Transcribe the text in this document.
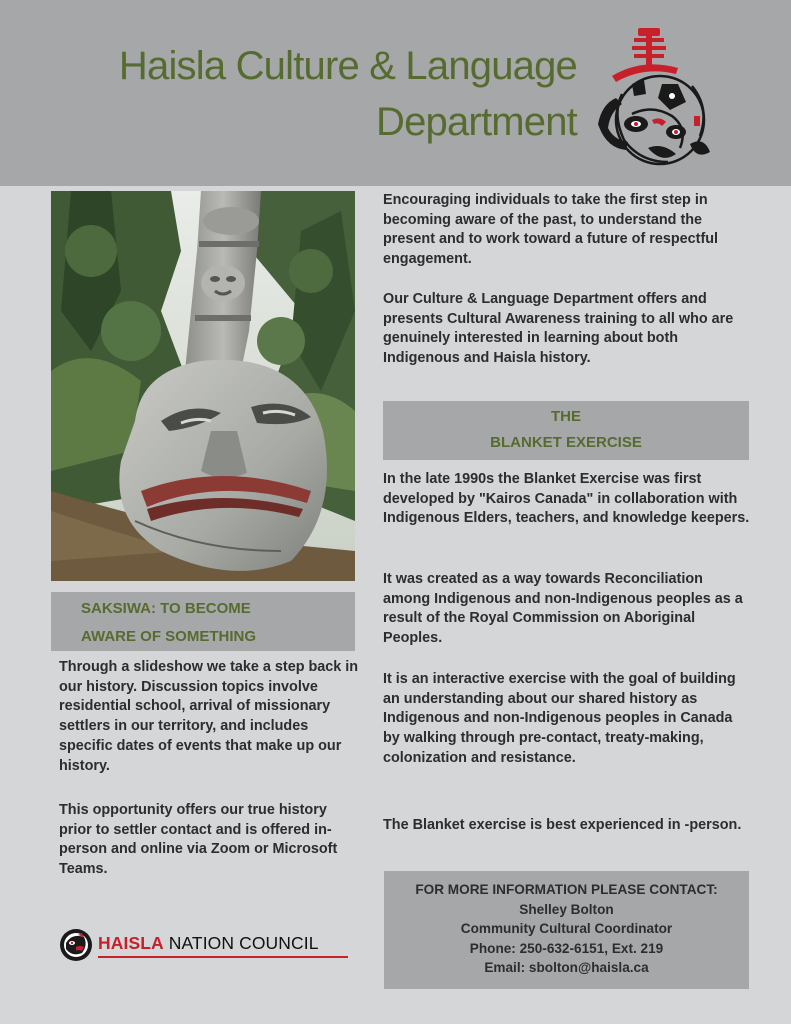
Haisla Culture & Language
Department
SAKSIWA: TO BECOME
AWARE OF SOMETHING

Encouraging individuals to take the first step in becoming aware of the past, to understand the present and to work toward a future of respectful engagement.

Our Culture & Language Department offers and presents Cultural Awareness training to all who are genuinely interested in learning about both Indigenous and Haisla history.

THE
BLANKET EXERCISE

In the late 1990s the Blanket Exercise was first developed by "Kairos Canada" in collaboration with Indigenous Elders, teachers, and knowledge keepers.

It was created as a way towards Reconciliation among Indigenous and non-Indigenous peoples as a result of the Royal Commission on Aboriginal Peoples.

It is an interactive exercise with the goal of building an understanding about our shared history as Indigenous and non-Indigenous peoples in Canada by walking through pre-contact, treaty-making, colonization and resistance.

The Blanket exercise is best experienced in -person.

Through a slideshow we take a step back in our history. Discussion topics involve residential school, arrival of missionary settlers in our territory, and includes specific dates of events that make up our history.

This opportunity offers our true history prior to settler contact and is offered in-person and online via Zoom or Microsoft Teams.

FOR MORE INFORMATION PLEASE CONTACT:
Shelley Bolton
Community Cultural Coordinator
Phone: 250-632-6151, Ext. 219
Email: sbolton@haisla.ca
HAISLA NATION COUNCIL
